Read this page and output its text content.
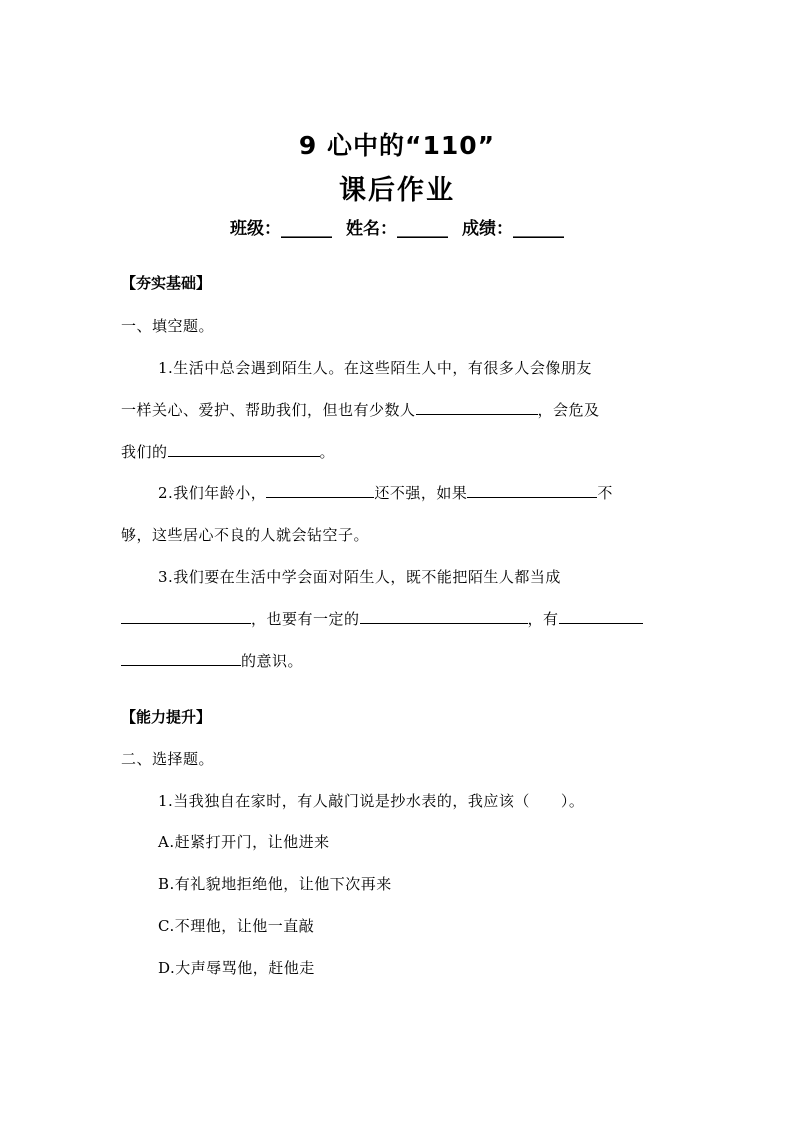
9 心中的“110”
课后作业
班级：______ 姓名：______ 成绩：______
【夯实基础】
一、填空题。
1.生活中总会遇到陌生人。在这些陌生人中，有很多人会像朋友
一样关心、爱护、帮助我们，但也有少数人	，会危及
我们的	。
2.我们年龄小，	还不强，如果	不
够，这些居心不良的人就会钻空子。
3.我们要在生活中学会面对陌生人，既不能把陌生人都当成
，也要有一定的	，有
的意识。
【能力提升】
二、选择题。
1.当我独自在家时，有人敲门说是抄水表的，我应该（　　）。
A.赶紧打开门，让他进来
B.有礼貌地拒绝他，让他下次再来
C.不理他，让他一直敲
D.大声辱骂他，赶他走
